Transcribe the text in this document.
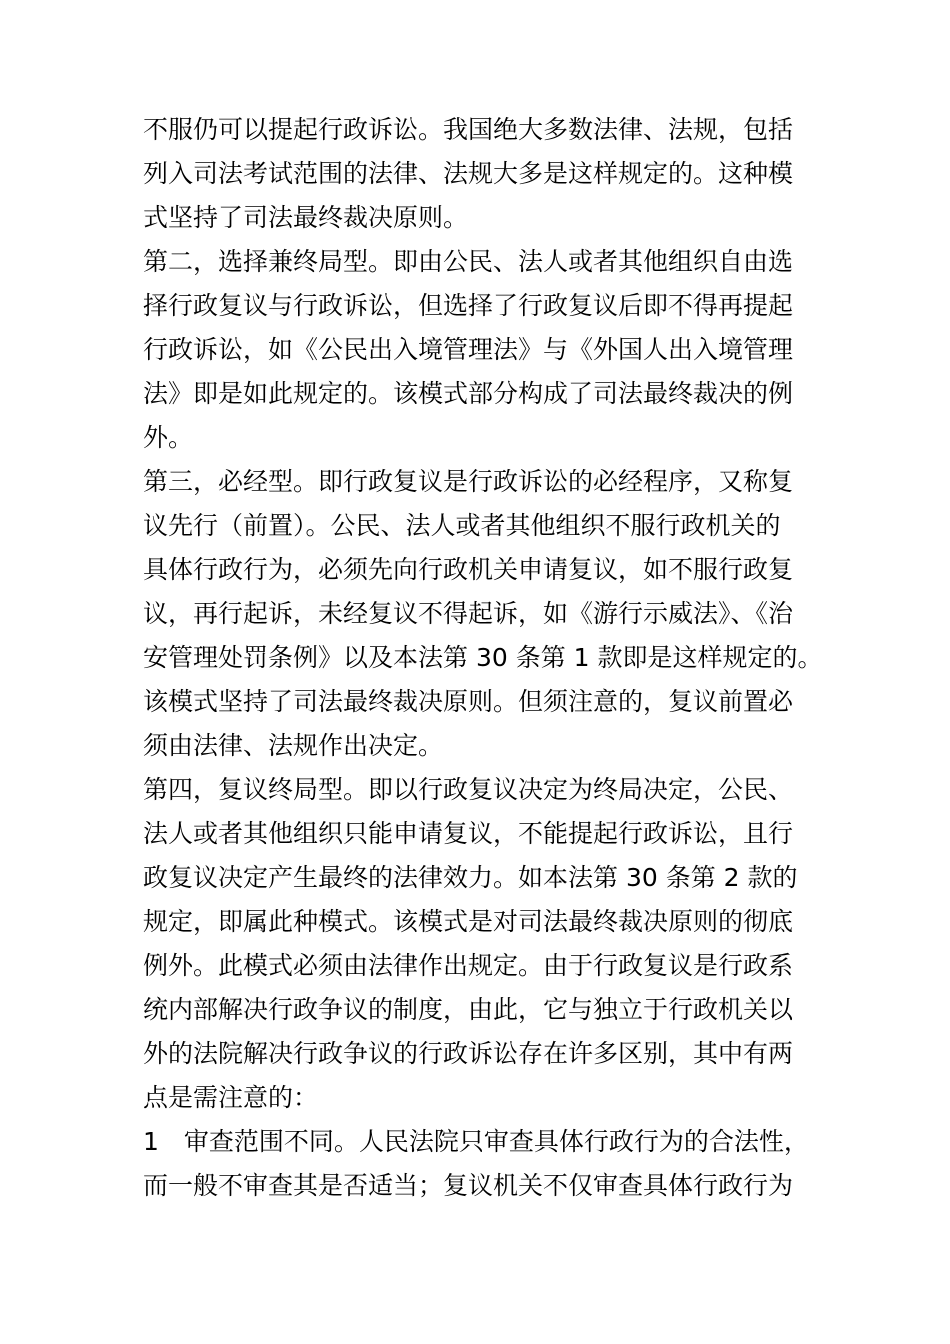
不服仍可以提起行政诉讼。我国绝大多数法律、法规，包括
列入司法考试范围的法律、法规大多是这样规定的。这种模
式坚持了司法最终裁决原则。
第二，选择兼终局型。即由公民、法人或者其他组织自由选
择行政复议与行政诉讼，但选择了行政复议后即不得再提起
行政诉讼，如《公民出入境管理法》与《外国人出入境管理
法》即是如此规定的。该模式部分构成了司法最终裁决的例
外。
第三，必经型。即行政复议是行政诉讼的必经程序，又称复
议先行（前置）。公民、法人或者其他组织不服行政机关的
具体行政行为，必须先向行政机关申请复议，如不服行政复
议，再行起诉，未经复议不得起诉，如《游行示威法》、《治
安管理处罚条例》以及本法第 30 条第 1 款即是这样规定的。
该模式坚持了司法最终裁决原则。但须注意的，复议前置必
须由法律、法规作出决定。
第四，复议终局型。即以行政复议决定为终局决定，公民、
法人或者其他组织只能申请复议，不能提起行政诉讼，且行
政复议决定产生最终的法律效力。如本法第 30 条第 2 款的
规定，即属此种模式。该模式是对司法最终裁决原则的彻底
例外。此模式必须由法律作出规定。由于行政复议是行政系
统内部解决行政争议的制度，由此，它与独立于行政机关以
外的法院解决行政争议的行政诉讼存在许多区别，其中有两
点是需注意的：
1　审查范围不同。人民法院只审查具体行政行为的合法性，
而一般不审查其是否适当；复议机关不仅审查具体行政行为
